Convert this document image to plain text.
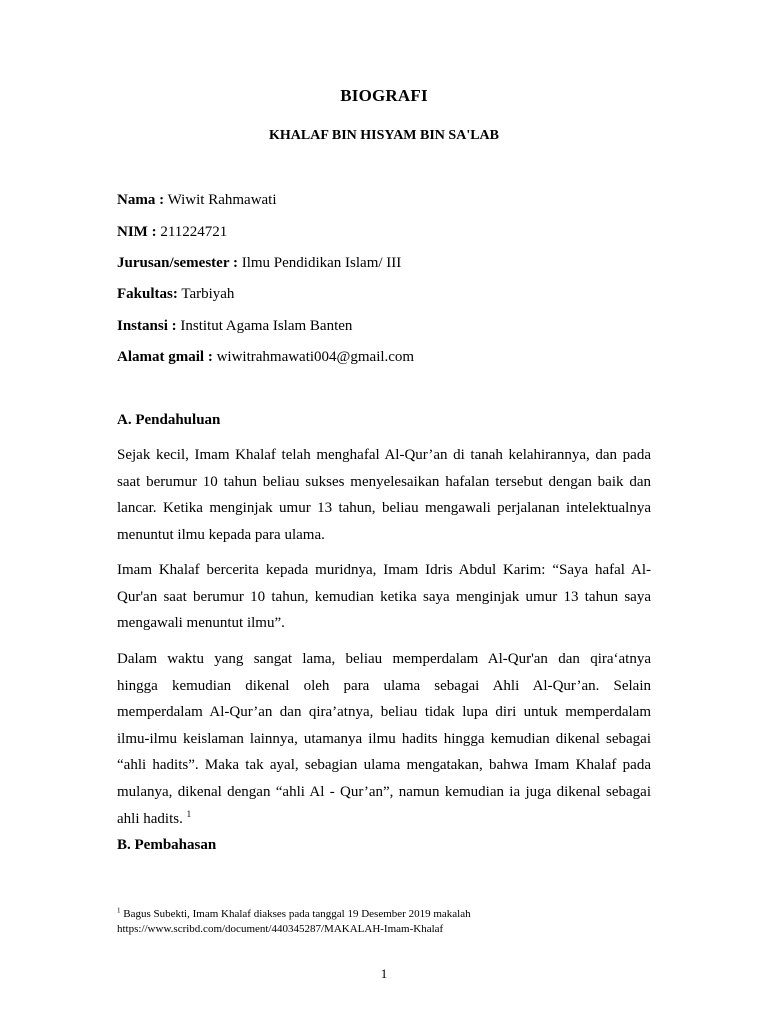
BIOGRAFI
KHALAF BIN HISYAM BIN SA'LAB
Nama : Wiwit Rahmawati
NIM : 211224721
Jurusan/semester : Ilmu Pendidikan Islam/ III
Fakultas: Tarbiyah
Instansi : Institut Agama Islam Banten
Alamat gmail : wiwitrahmawati004@gmail.com
A. Pendahuluan
Sejak kecil, Imam Khalaf telah menghafal Al-Qur’an di tanah kelahirannya, dan pada
saat berumur 10 tahun beliau sukses menyelesaikan hafalan tersebut dengan baik dan
lancar. Ketika menginjak umur 13 tahun, beliau mengawali perjalanan intelektualnya
menuntut ilmu kepada para ulama.
Imam Khalaf bercerita kepada muridnya, Imam Idris Abdul Karim: “Saya hafal Al-
Qur'an saat berumur 10 tahun, kemudian ketika saya menginjak umur 13 tahun saya
mengawali menuntut ilmu”.
Dalam waktu yang sangat lama, beliau memperdalam Al-Qur'an dan qira‘atnya
hingga kemudian dikenal oleh para ulama sebagai Ahli Al-Qur’an. Selain
memperdalam Al-Qur’an dan qira’atnya, beliau tidak lupa diri untuk memperdalam
ilmu-ilmu keislaman lainnya, utamanya ilmu hadits hingga kemudian dikenal sebagai
“ahli hadits”. Maka tak ayal, sebagian ulama mengatakan, bahwa Imam Khalaf pada
mulanya, dikenal dengan “ahli Al - Qur’an”, namun kemudian ia juga dikenal sebagai
ahli hadits. $^1$
B. Pembahasan
$^1$ Bagus Subekti, Imam Khalaf diakses pada tanggal 19 Desember 2019 makalah
https://www.scribd.com/document/440345287/MAKALAH-Imam-Khalaf
1
